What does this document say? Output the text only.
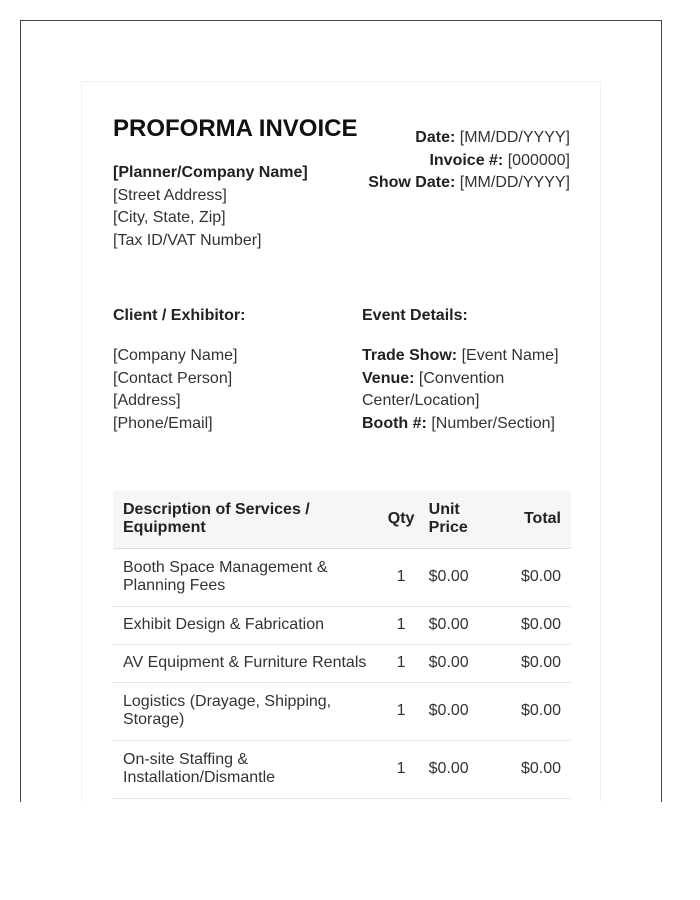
PROFORMA INVOICE
[Planner/Company Name]
[Street Address]
[City, State, Zip]
[Tax ID/VAT Number]
Date: [MM/DD/YYYY]
Invoice #: [000000]
Show Date: [MM/DD/YYYY]
Client / Exhibitor:	Event Details:
[Company Name]
[Contact Person]
[Address]
[Phone/Email]
Trade Show: [Event Name]
Venue: [Convention Center/Location]
Booth #: [Number/Section]
Description of Services / Equipment	Qty	Unit Price	Total
Booth Space Management & Planning Fees	1	$0.00	$0.00
Exhibit Design & Fabrication	1	$0.00	$0.00
AV Equipment & Furniture Rentals	1	$0.00	$0.00
Logistics (Drayage, Shipping, Storage)	1	$0.00	$0.00
On-site Staffing & Installation/Dismantle	1	$0.00	$0.00
